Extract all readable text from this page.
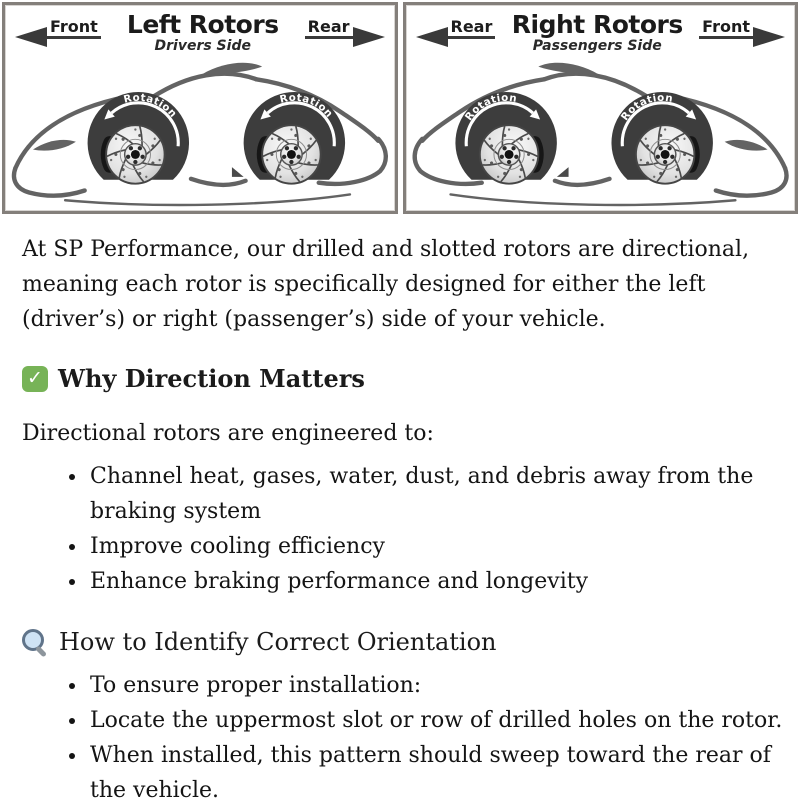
Front Left Rotors
Drivers Side
Rear
Rotation
Rotation
Rear Right Rotors
Passengers Side
Front
Rotation
Rotation

At SP Performance, our drilled and slotted rotors are directional, meaning each rotor is specifically designed for either the left (driver’s) or right (passenger’s) side of your vehicle.

✓ Why Direction Matters

Directional rotors are engineered to:

• Channel heat, gases, water, dust, and debris away from the braking system
• Improve cooling efficiency
• Enhance braking performance and longevity
How to Identify Correct Orientation
• To ensure proper installation:
• Locate the uppermost slot or row of drilled holes on the rotor.
• When installed, this pattern should sweep toward the rear of the vehicle.
